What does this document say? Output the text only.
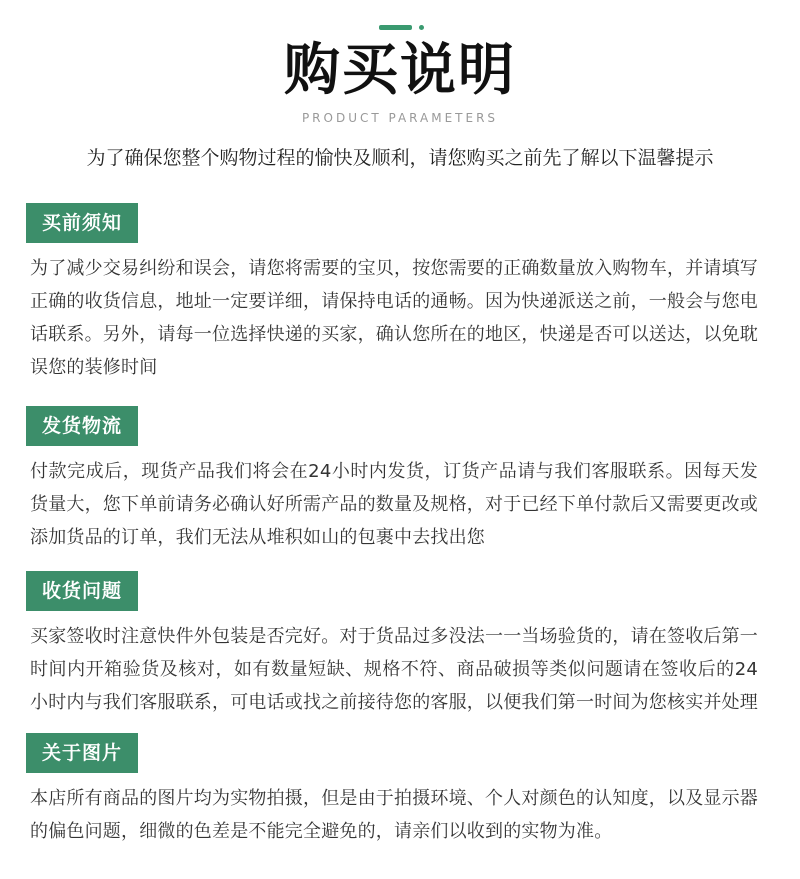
购买说明
PRODUCT PARAMETERS
为了确保您整个购物过程的愉快及顺利，请您购买之前先了解以下温馨提示
买前须知
为了减少交易纠纷和误会，请您将需要的宝贝，按您需要的正确数量放入购物车，并请填写正确的收货信息，地址一定要详细，请保持电话的通畅。因为快递派送之前，一般会与您电话联系。另外，请每一位选择快递的买家，确认您所在的地区，快递是否可以送达，以免耽误您的装修时间
发货物流
付款完成后，现货产品我们将会在24小时内发货，订货产品请与我们客服联系。因每天发货量大，您下单前请务必确认好所需产品的数量及规格，对于已经下单付款后又需要更改或添加货品的订单，我们无法从堆积如山的包裹中去找出您
收货问题
买家签收时注意快件外包装是否完好。对于货品过多没法一一当场验货的，请在签收后第一时间内开箱验货及核对，如有数量短缺、规格不符、商品破损等类似问题请在签收后的24小时内与我们客服联系，可电话或找之前接待您的客服，以便我们第一时间为您核实并处理
关于图片
本店所有商品的图片均为实物拍摄，但是由于拍摄环境、个人对颜色的认知度，以及显示器的偏色问题，细微的色差是不能完全避免的，请亲们以收到的实物为准。
